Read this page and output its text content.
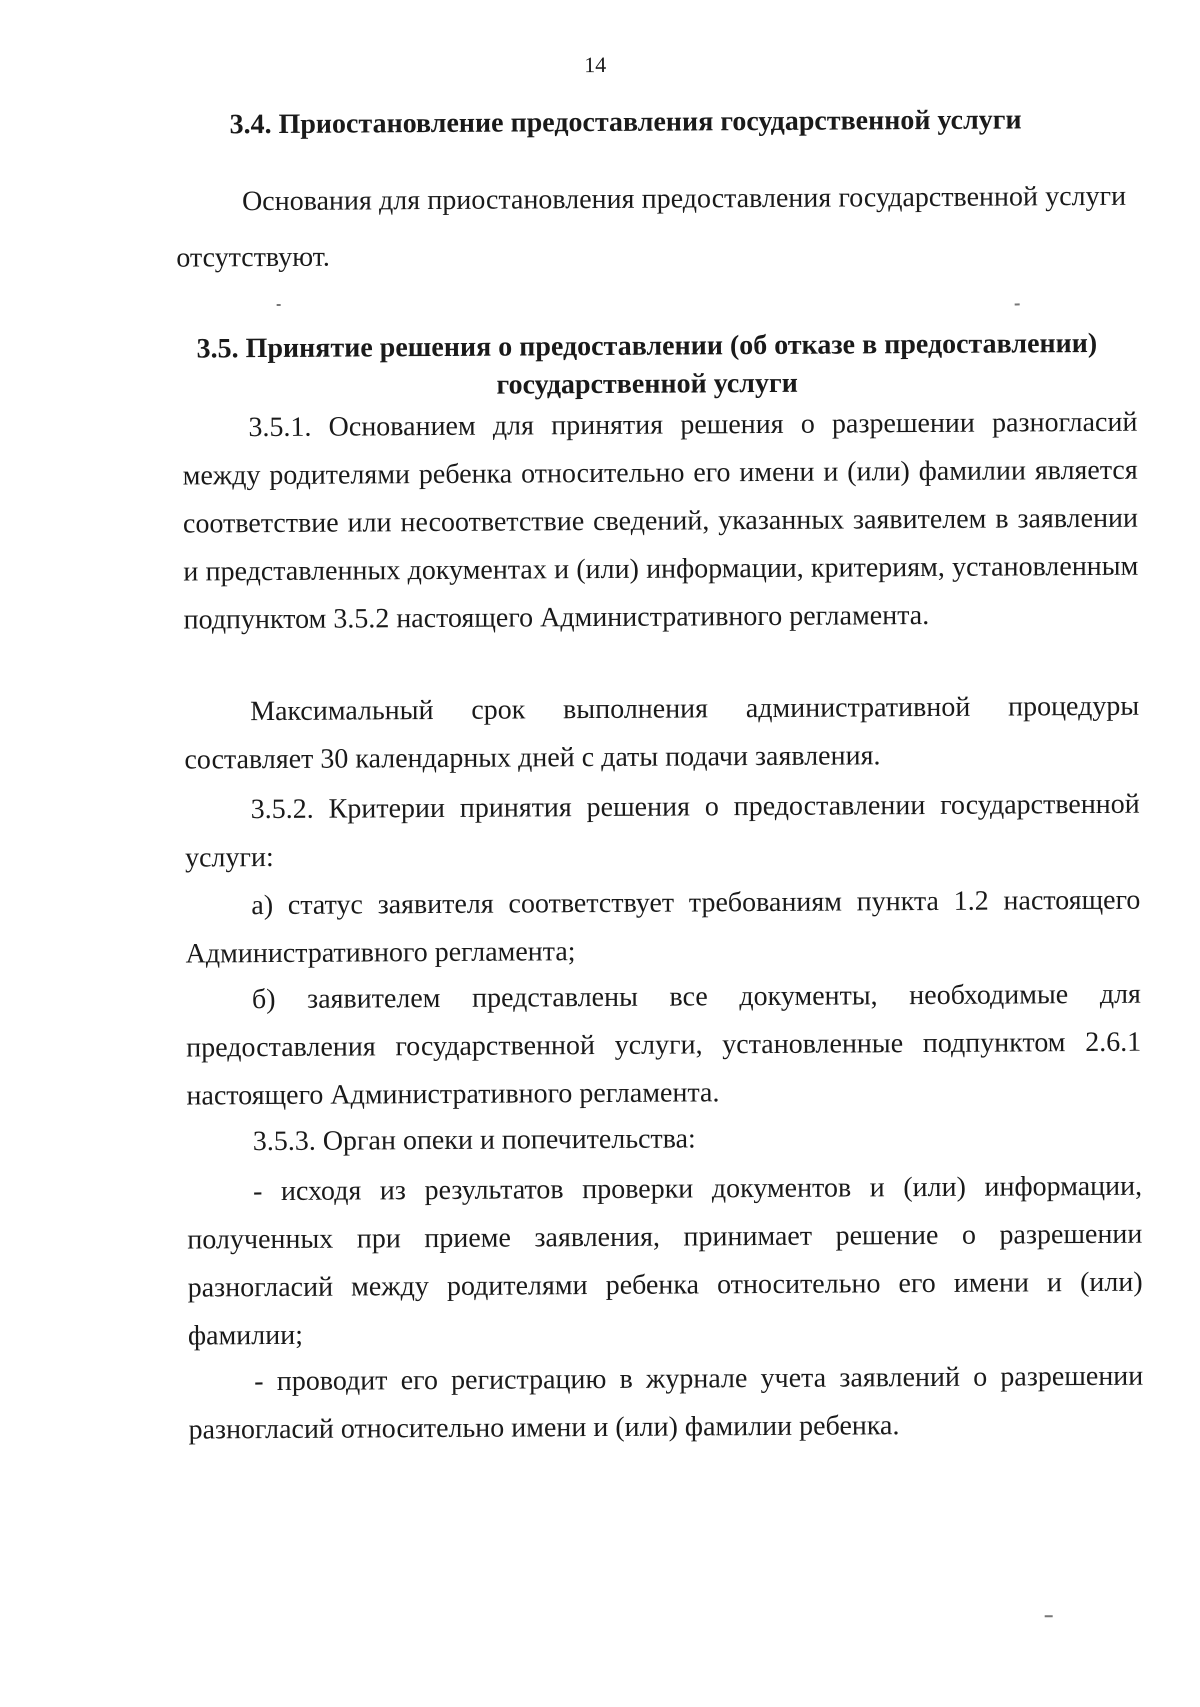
14
3.4. Приостановление предоставления государственной услуги
Основания для приостановления предоставления государственной услуги отсутствуют.
3.5. Принятие решения о предоставлении (об отказе в предоставлении)
государственной услуги
3.5.1. Основанием для принятия решения о разрешении разногласий между родителями ребенка относительно его имени и (или) фамилии является соответствие или несоответствие сведений, указанных заявителем в заявлении и представленных документах и (или) информации, критериям, установленным подпунктом 3.5.2 настоящего Административного регламента.
Максимальный срок выполнения административной процедуры составляет 30 календарных дней с даты подачи заявления.
3.5.2. Критерии принятия решения о предоставлении государственной услуги:
а) статус заявителя соответствует требованиям пункта 1.2 настоящего Административного регламента;
б) заявителем представлены все документы, необходимые для предоставления государственной услуги, установленные подпунктом 2.6.1 настоящего Административного регламента.
3.5.3. Орган опеки и попечительства:
- исходя из результатов проверки документов и (или) информации, полученных при приеме заявления, принимает решение о разрешении разногласий между родителями ребенка относительно его имени и (или) фамилии;
- проводит его регистрацию в журнале учета заявлений о разрешении разногласий относительно имени и (или) фамилии ребенка.
